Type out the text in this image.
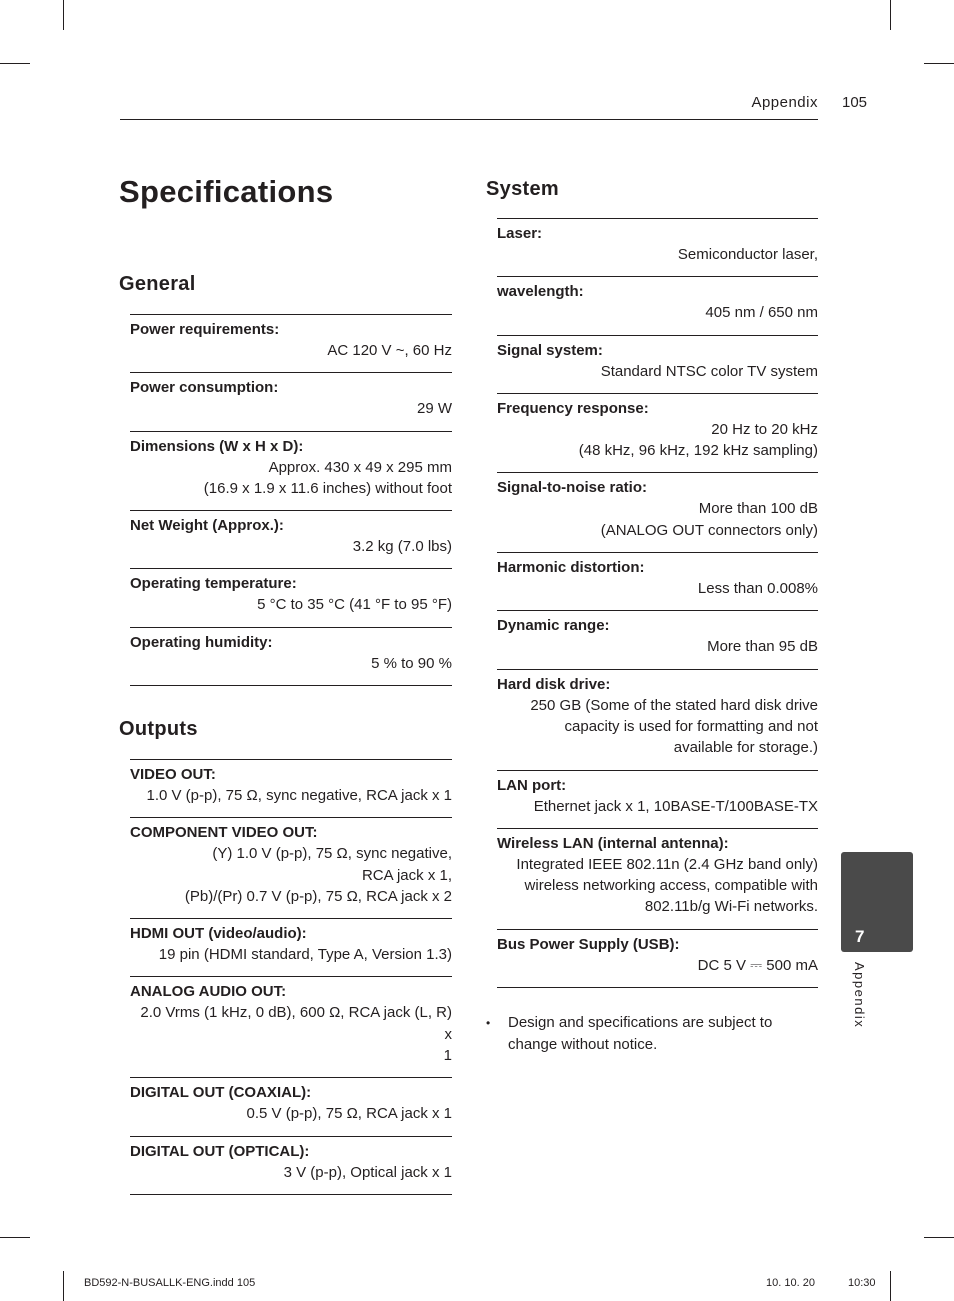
Appendix 105
Specifications
General
Power requirements:
AC 120 V ~, 60 Hz
Power consumption:
29 W
Dimensions (W x H x D):
Approx. 430 x 49 x 295 mm
(16.9 x 1.9 x 11.6 inches) without foot
Net Weight (Approx.):
3.2 kg (7.0 lbs)
Operating temperature:
5 °C to 35 °C (41 °F to 95 °F)
Operating humidity:
5 % to 90 %
Outputs
VIDEO OUT:
1.0 V (p-p), 75 Ω, sync negative, RCA jack x 1
COMPONENT VIDEO OUT:
(Y) 1.0 V (p-p), 75 Ω, sync negative,
RCA jack x 1,
(Pb)/(Pr) 0.7 V (p-p), 75 Ω, RCA jack x 2
HDMI OUT (video/audio):
19 pin (HDMI standard, Type A, Version 1.3)
ANALOG AUDIO OUT:
2.0 Vrms (1 kHz, 0 dB), 600 Ω, RCA jack (L, R) x
1
DIGITAL OUT (COAXIAL):
0.5 V (p-p), 75 Ω, RCA jack x 1
DIGITAL OUT (OPTICAL):
3 V (p-p), Optical jack x 1
System
Laser:
Semiconductor laser,
wavelength:
405 nm / 650 nm
Signal system:
Standard NTSC color TV system
Frequency response:
20 Hz to 20 kHz
(48 kHz, 96 kHz, 192 kHz sampling)
Signal-to-noise ratio:
More than 100 dB
(ANALOG OUT connectors only)
Harmonic distortion:
Less than 0.008%
Dynamic range:
More than 95 dB
Hard disk drive:
250 GB (Some of the stated hard disk drive
capacity is used for formatting and not
available for storage.)
LAN port:
Ethernet jack x 1, 10BASE-T/100BASE-TX
Wireless LAN (internal antenna):
Integrated IEEE 802.11n (2.4 GHz band only)
wireless networking access, compatible with
802.11b/g Wi-Fi networks.
Bus Power Supply (USB):
DC 5 V ⎓ 500 mA
• Design and specifications are subject to change without notice.
7
Appendix
BD592-N-BUSALLK-ENG.indd 105	10. 10. 20	10:30
